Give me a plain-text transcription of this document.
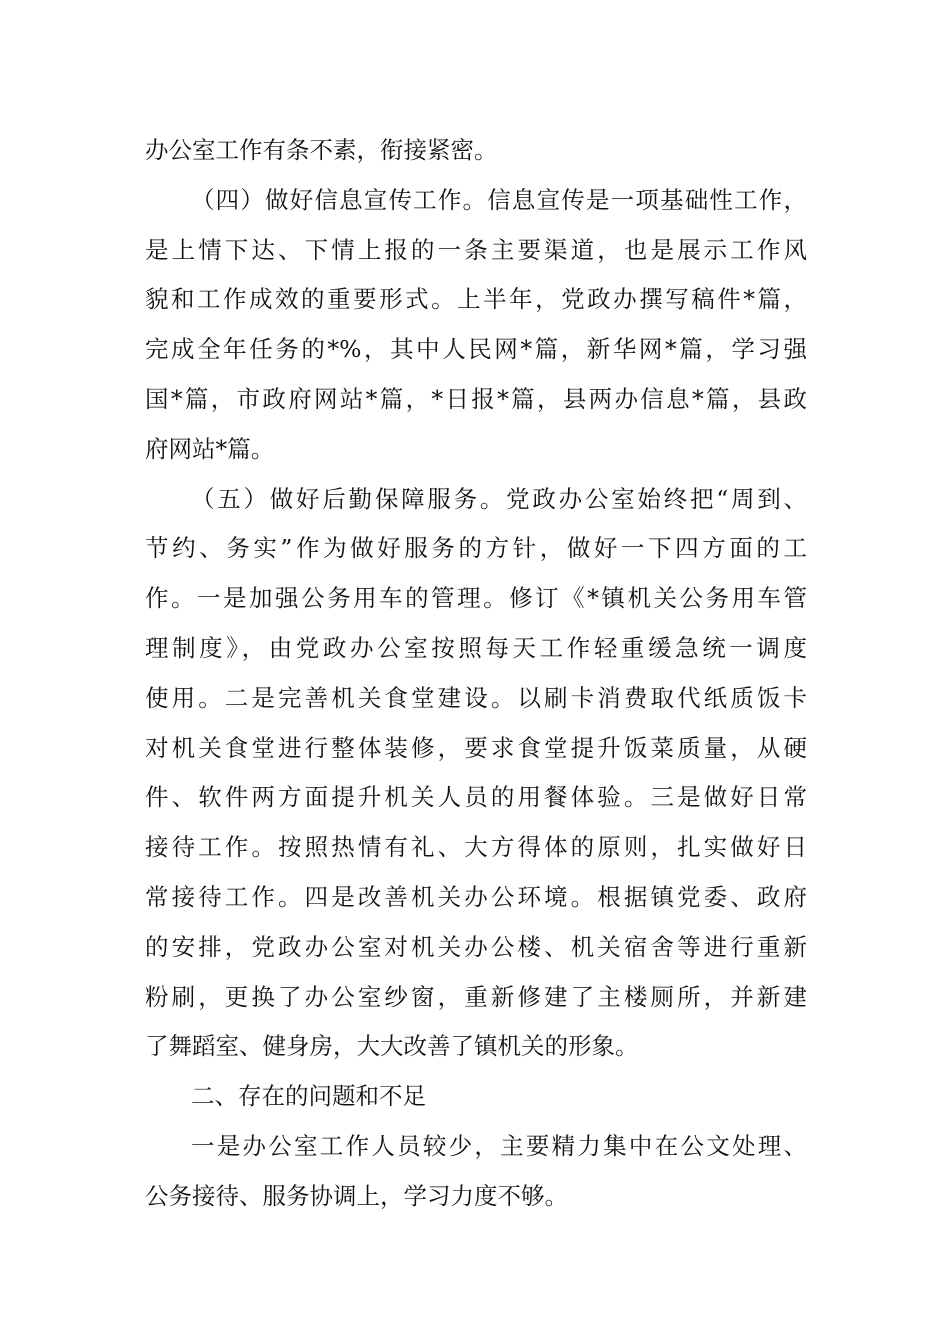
办公室工作有条不素，衔接紧密。
（四）做好信息宣传工作。信息宣传是一项基础性工作，
是上情下达、下情上报的一条主要渠道，也是展示工作风
貌和工作成效的重要形式。上半年，党政办撰写稿件*篇，
完成全年任务的*%，其中人民网*篇，新华网*篇，学习强
国*篇，市政府网站*篇，*日报*篇，县两办信息*篇，县政
府网站*篇。
（五）做好后勤保障服务。党政办公室始终把“周到、
节约、务实”作为做好服务的方针，做好一下四方面的工
作。一是加强公务用车的管理。修订《*镇机关公务用车管
理制度》，由党政办公室按照每天工作轻重缓急统一调度
使用。二是完善机关食堂建设。以刷卡消费取代纸质饭卡
对机关食堂进行整体装修，要求食堂提升饭菜质量，从硬
件、软件两方面提升机关人员的用餐体验。三是做好日常
接待工作。按照热情有礼、大方得体的原则，扎实做好日
常接待工作。四是改善机关办公环境。根据镇党委、政府
的安排，党政办公室对机关办公楼、机关宿舍等进行重新
粉刷，更换了办公室纱窗，重新修建了主楼厕所，并新建
了舞蹈室、健身房，大大改善了镇机关的形象。
二、存在的问题和不足
一是办公室工作人员较少，主要精力集中在公文处理、
公务接待、服务协调上，学习力度不够。
